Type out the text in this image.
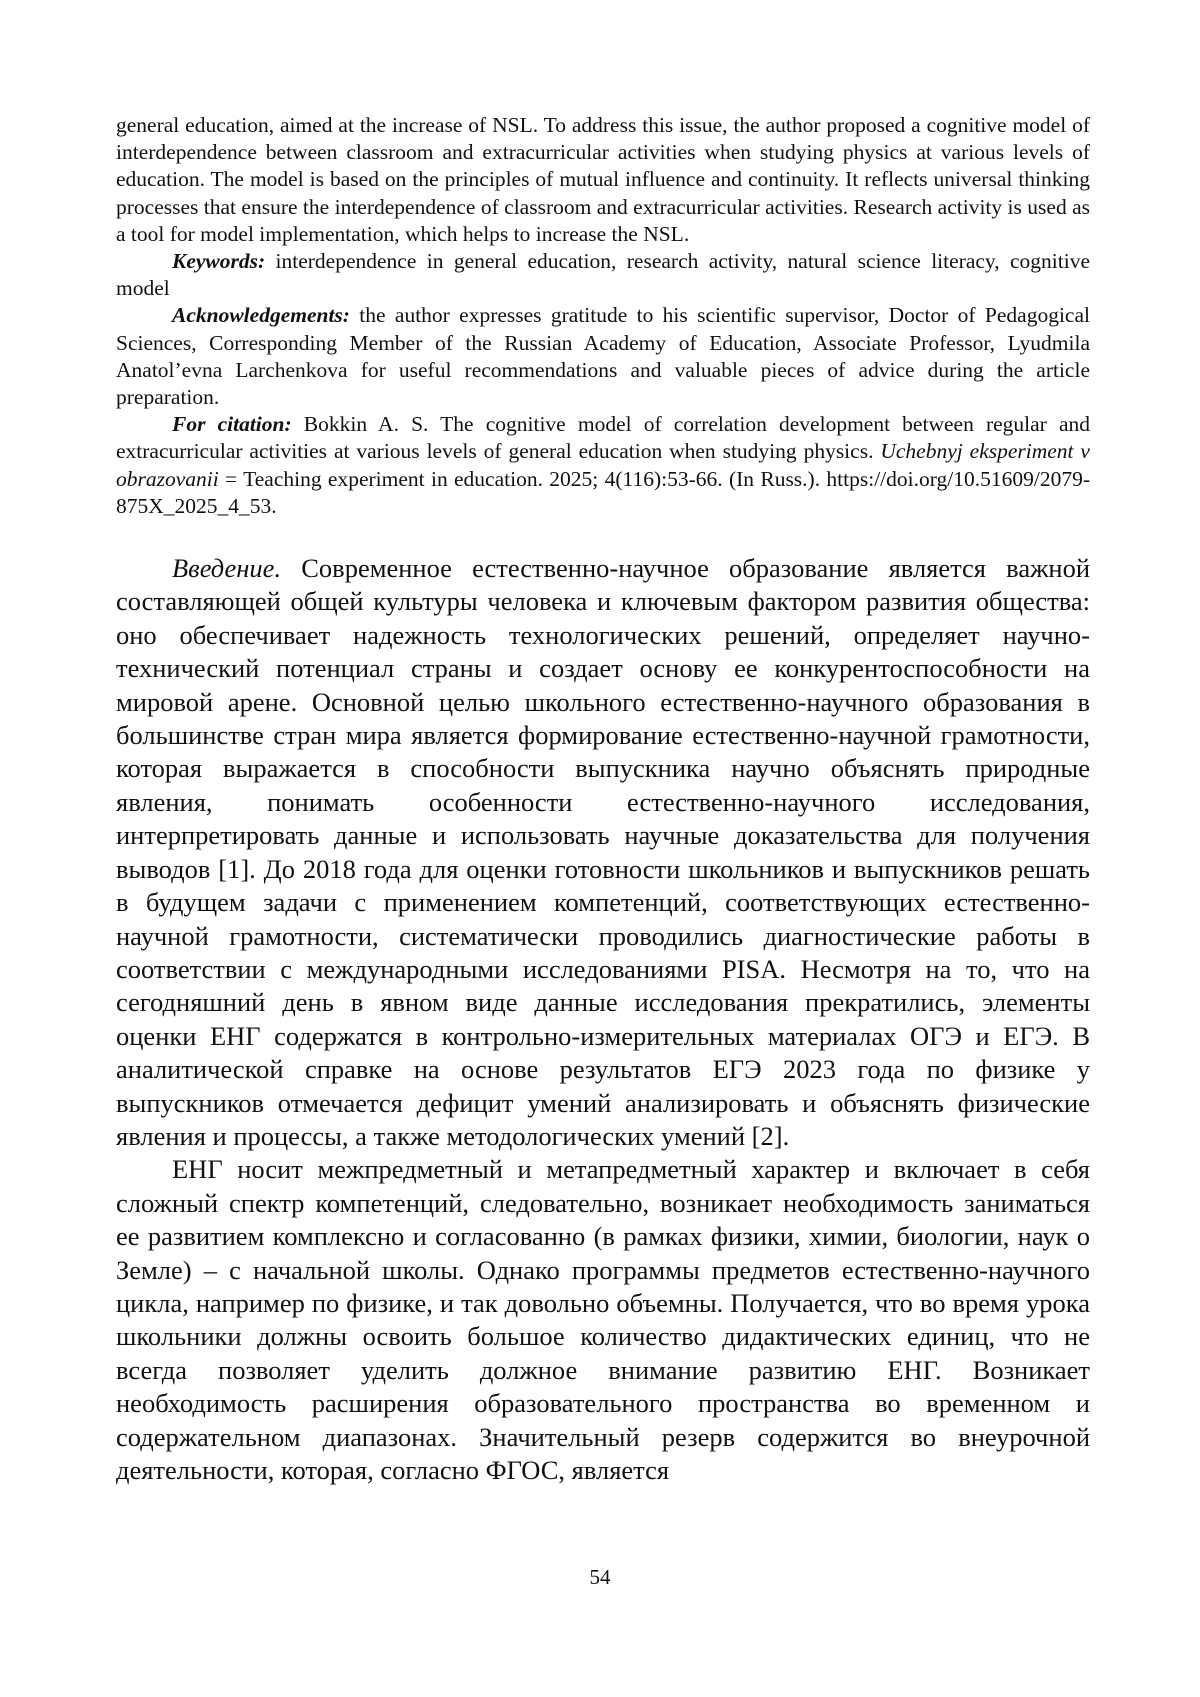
general education, aimed at the increase of NSL. To address this issue, the author proposed a cognitive model of interdependence between classroom and extracurricular activities when studying physics at various levels of education. The model is based on the principles of mutual influence and continuity. It reflects universal thinking processes that ensure the interdependence of classroom and extracurricular activities. Research activity is used as a tool for model implementation, which helps to increase the NSL.

Keywords: interdependence in general education, research activity, natural science literacy, cognitive model

Acknowledgements: the author expresses gratitude to his scientific supervisor, Doctor of Pedagogical Sciences, Corresponding Member of the Russian Academy of Education, Associate Professor, Lyudmila Anatol’evna Larchenkova for useful recommendations and valuable pieces of advice during the article preparation.

For citation: Bokkin A. S. The cognitive model of correlation development between regular and extracurricular activities at various levels of general education when studying physics. Uchebnyj eksperiment v obrazovanii = Teaching experiment in education. 2025; 4(116):53-66. (In Russ.). https://doi.org/10.51609/2079-875X_2025_4_53.

Введение. Современное естественно-научное образование является важной составляющей общей культуры человека и ключевым фактором развития общества: оно обеспечивает надежность технологических решений, определяет научно-технический потенциал страны и создает основу ее конкурентоспособности на мировой арене. Основной целью школьного естественно-научного образования в большинстве стран мира является формирование естественно-научной грамотности, которая выражается в способности выпускника научно объяснять природные явления, понимать особенности естественно-научного исследования, интерпретировать данные и использовать научные доказательства для получения выводов [1]. До 2018 года для оценки готовности школьников и выпускников решать в будущем задачи с применением компетенций, соответствующих естественно-научной грамотности, систематически проводились диагностические работы в соответствии с международными исследованиями PISA. Несмотря на то, что на сегодняшний день в явном виде данные исследования прекратились, элементы оценки ЕНГ содержатся в контрольно-измерительных материалах ОГЭ и ЕГЭ. В аналитической справке на основе результатов ЕГЭ 2023 года по физике у выпускников отмечается дефицит умений анализировать и объяснять физические явления и процессы, а также методологических умений [2].

ЕНГ носит межпредметный и метапредметный характер и включает в себя сложный спектр компетенций, следовательно, возникает необходимость заниматься ее развитием комплексно и согласованно (в рамках физики, химии, биологии, наук о Земле) – с начальной школы. Однако программы предметов естественно-научного цикла, например по физике, и так довольно объемны. Получается, что во время урока школьники должны освоить большое количество дидактических единиц, что не всегда позволяет уделить должное внимание развитию ЕНГ. Возникает необходимость расширения образовательного пространства во временном и содержательном диапазонах. Значительный резерв содержится во внеурочной деятельности, которая, согласно ФГОС, является

54
